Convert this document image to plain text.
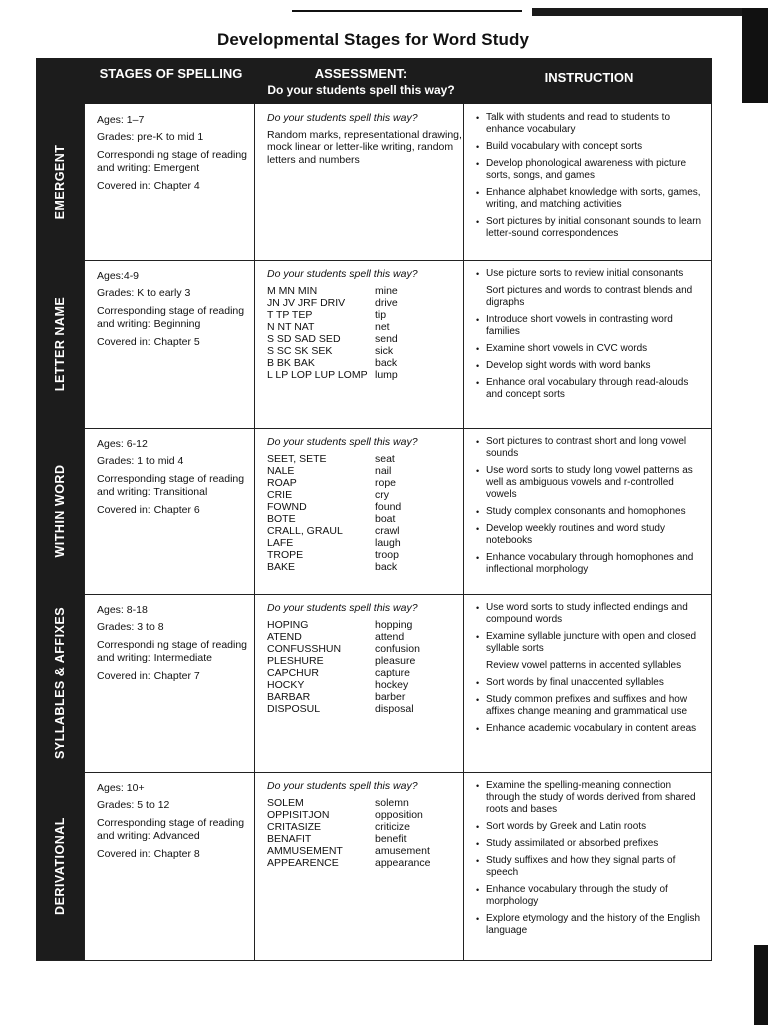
Developmental Stages for Word Study
STAGES OF SPELLING	ASSESSMENT:
Do your students spell this way?
INSTRUCTION
EMERGENT

Ages: 1–7

Grades: pre-K to mid 1

Correspondi ng stage of reading and writing: Emergent

Covered in: Chapter 4

Do your students spell this way?

Random marks, representational drawing, mock linear or letter-like writing, random letters and numbers

• Talk with students and read to students to enhance vocabulary
• Build vocabulary with concept sorts
• Develop phonological awareness with picture sorts, songs, and games
• Enhance alphabet knowledge with sorts, games, writing, and matching activities
• Sort pictures by initial consonant sounds to learn letter-sound correspondences
LETTER NAME

Ages:4-9

Grades: K to early 3

Corresponding stage of reading and writing: Beginning

Covered in: Chapter 5

Do your students spell this way?
M MN MIN	mine
JN JV JRF DRIV	drive
T TP TEP	tip
N NT NAT	net
S SD SAD SED	send
S SC SK SEK	sick
B BK BAK	back
L LP LOP LUP LOMP lump
• Use picture sorts to review initial consonants
Sort pictures and words to contrast blends and digraphs
• Introduce short vowels in contrasting word families
• Examine short vowels in CVC words
• Develop sight words with word banks
• Enhance oral vocabulary through read-alouds and concept sorts
WITHIN WORD

Ages: 6-12

Grades: 1 to mid 4

Corresponding stage of reading and writing: Transitional

Covered in: Chapter 6

Do your students spell this way?
SEET, SETE	seat
NALE	nail
ROAP	rope
CRIE	cry
FOWND	found
BOTE	boat
CRALL, GRAUL	crawl
LAFE	laugh
TROPE	troop
BAKE	back
• Sort pictures to contrast short and long vowel sounds
• Use word sorts to study long vowel patterns as well as ambiguous vowels and r-controlled vowels
• Study complex consonants and homophones
• Develop weekly routines and word study notebooks
• Enhance vocabulary through homophones and inflectional morphology
SYLLABLES & AFFIXES	Ages: 8-18

Grades: 3 to 8

Correspondi ng stage of reading and writing: Intermediate

Covered in: Chapter 7

Do your students spell this way?
HOPING	hopping
ATEND	attend
CONFUSSHUN	confusion
PLESHURE	pleasure
CAPCHUR	capture
HOCKY	hockey
BARBAR	barber
DISPOSUL	disposal
• Use word sorts to study inflected endings and compound words
• Examine syllable juncture with open and closed syllable sorts
Review vowel patterns in accented syllables
• Sort words by final unaccented syllables
• Study common prefixes and suffixes and how affixes change meaning and grammatical use
• Enhance academic vocabulary in content areas
DERIVATIONAL

Ages: 10+

Grades: 5 to 12

Corresponding stage of reading and writing: Advanced

Covered in: Chapter 8

Do your students spell this way?
SOLEM	solemn
OPPISITJON	opposition
CRITASIZE	criticize
BENAFIT	benefit
AMMUSEMENT	amusement
APPEARENCE	appearance
• Examine the spelling-meaning connection through the study of words derived from shared roots and bases
• Sort words by Greek and Latin roots
• Study assimilated or absorbed prefixes
• Study suffixes and how they signal parts of speech
• Enhance vocabulary through the study of morphology
• Explore etymology and the history of the English language
